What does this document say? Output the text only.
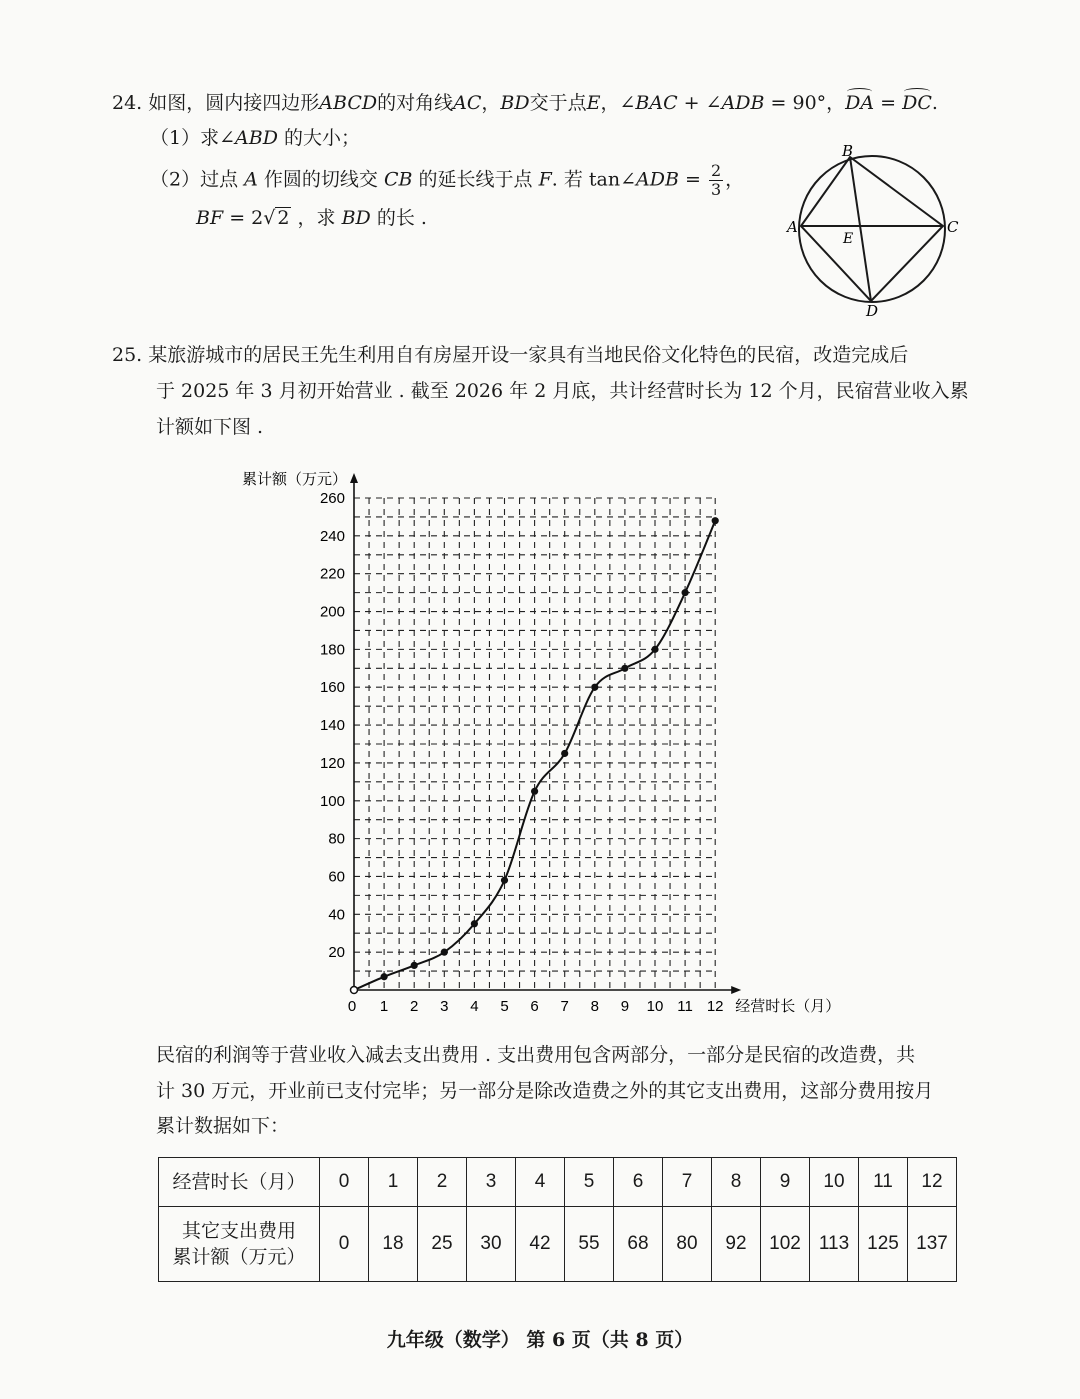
24. 如图，圆内接四边形ABCD的对角线AC，BD交于点E，∠BAC + ∠ADB = 90°，DA = DC.
（1）求∠ABD 的大小；
（2）过点 A 作圆的切线交 CB 的延长线于点 F. 若 tan∠ADB = $\frac{2}{3}$ ，
BF = 2√ 2 ，求 BD 的长 .	A
B
C
D
E
25. 某旅游城市的居民王先生利用自有房屋开设一家具有当地民俗文化特色的民宿，改造完成后
于 2025 年 3 月初开始营业 . 截至 2026 年 2 月底，共计经营时长为 12 个月，民宿营业收入累
计额如下图 .
20
40
60
80
100
120
140
160
180
200
220
240
260
0 1 2 3 4 5 6 7 8 9 10 11 12
累计额（万元）
经营时长（月）
民宿的利润等于营业收入减去支出费用 . 支出费用包含两部分，一部分是民宿的改造费，共
计 30 万元，开业前已支付完毕；另一部分是除改造费之外的其它支出费用，这部分费用按月
累计数据如下：
经营时长（月）	0	1	2	3	4	5	6	7	8	9	10	11	12

其它支出费用
累计额（万元）	0	18	25	30	42	55	68	80	92	102	113	125	137
九年级（数学） 第 6 页（共 8 页）
